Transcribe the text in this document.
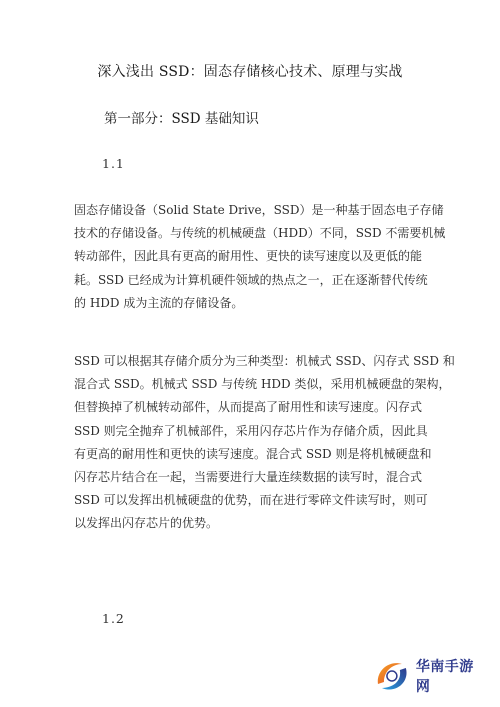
深入浅出 SSD：固态存储核心技术、原理与实战
第一部分：SSD 基础知识
1.1
固态存储设备（Solid State Drive，SSD）是一种基于固态电子存储
技术的存储设备。与传统的机械硬盘（HDD）不同，SSD 不需要机械
转动部件，因此具有更高的耐用性、更快的读写速度以及更低的能
耗。SSD 已经成为计算机硬件领域的热点之一，正在逐渐替代传统
的 HDD 成为主流的存储设备。
SSD 可以根据其存储介质分为三种类型：机械式 SSD、闪存式 SSD 和
混合式 SSD。机械式 SSD 与传统 HDD 类似，采用机械硬盘的架构，
但替换掉了机械转动部件，从而提高了耐用性和读写速度。闪存式
SSD 则完全抛弃了机械部件，采用闪存芯片作为存储介质，因此具
有更高的耐用性和更快的读写速度。混合式 SSD 则是将机械硬盘和
闪存芯片结合在一起，当需要进行大量连续数据的读写时，混合式
SSD 可以发挥出机械硬盘的优势，而在进行零碎文件读写时，则可
以发挥出闪存芯片的优势。
1.2
华南手游网
